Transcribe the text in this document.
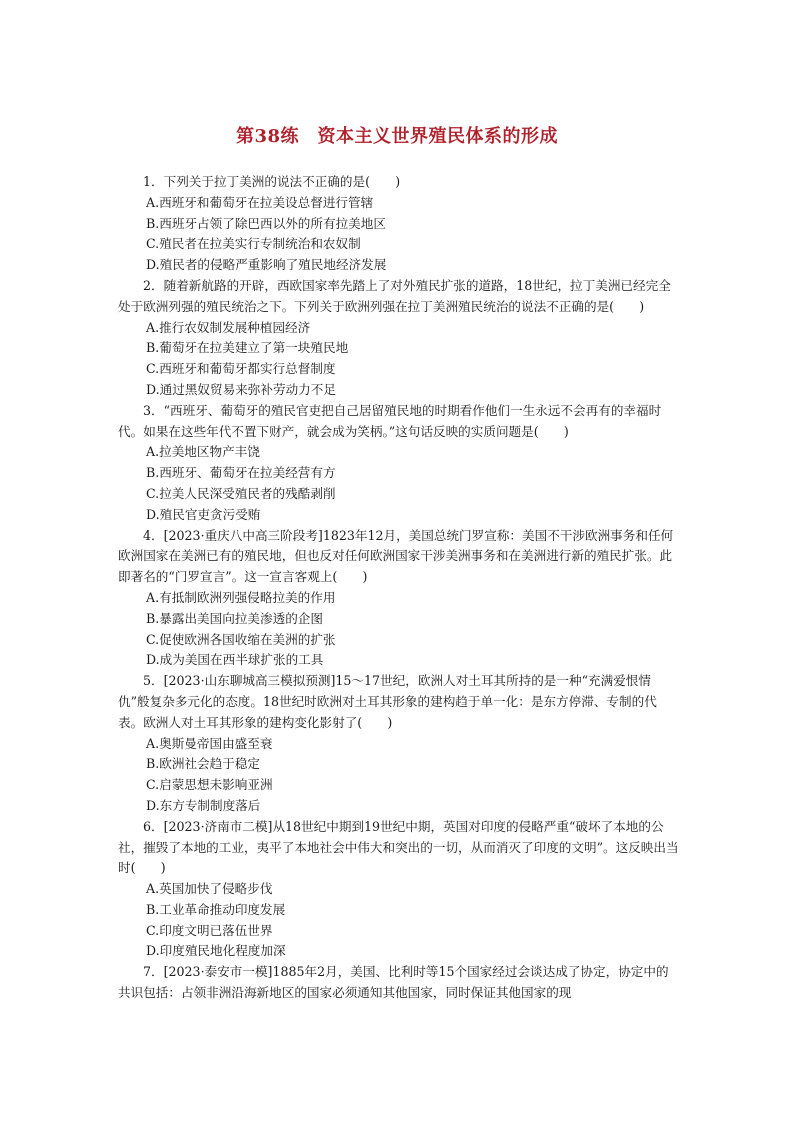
第38练　资本主义世界殖民体系的形成

1．下列关于拉丁美洲的说法不正确的是(　　)

A.西班牙和葡萄牙在拉美设总督进行管辖

B.西班牙占领了除巴西以外的所有拉美地区

C.殖民者在拉美实行专制统治和农奴制

D.殖民者的侵略严重影响了殖民地经济发展

2．随着新航路的开辟，西欧国家率先踏上了对外殖民扩张的道路，18世纪，拉丁美洲已经完全处于欧洲列强的殖民统治之下。下列关于欧洲列强在拉丁美洲殖民统治的说法不正确的是(　　)

A.推行农奴制发展种植园经济

B.葡萄牙在拉美建立了第一块殖民地

C.西班牙和葡萄牙都实行总督制度

D.通过黑奴贸易来弥补劳动力不足

3．“西班牙、葡萄牙的殖民官吏把自己居留殖民地的时期看作他们一生永远不会再有的幸福时代。如果在这些年代不置下财产，就会成为笑柄。”这句话反映的实质问题是(　　)

A.拉美地区物产丰饶

B.西班牙、葡萄牙在拉美经营有方

C.拉美人民深受殖民者的残酷剥削

D.殖民官吏贪污受贿

4．[2023·重庆八中高三阶段考]1823年12月，美国总统门罗宣称：美国不干涉欧洲事务和任何欧洲国家在美洲已有的殖民地，但也反对任何欧洲国家干涉美洲事务和在美洲进行新的殖民扩张。此即著名的“门罗宣言”。这一宣言客观上(　　)

A.有抵制欧洲列强侵略拉美的作用

B.暴露出美国向拉美渗透的企图

C.促使欧洲各国收缩在美洲的扩张

D.成为美国在西半球扩张的工具

5．[2023·山东聊城高三模拟预测]15～17世纪，欧洲人对土耳其所持的是一种“充满爱恨情仇”般复杂多元化的态度。18世纪时欧洲对土耳其形象的建构趋于单一化：是东方停滞、专制的代表。欧洲人对土耳其形象的建构变化影射了(　　)

A.奥斯曼帝国由盛至衰

B.欧洲社会趋于稳定

C.启蒙思想未影响亚洲

D.东方专制制度落后

6．[2023·济南市二模]从18世纪中期到19世纪中期，英国对印度的侵略严重“破坏了本地的公社，摧毁了本地的工业，夷平了本地社会中伟大和突出的一切，从而消灭了印度的文明”。这反映出当时(　　)

A.英国加快了侵略步伐

B.工业革命推动印度发展

C.印度文明已落伍世界

D.印度殖民地化程度加深

7．[2023·泰安市一模]1885年2月，美国、比利时等15个国家经过会谈达成了协定，协定中的共识包括：占领非洲沿海新地区的国家必须通知其他国家，同时保证其他国家的现
